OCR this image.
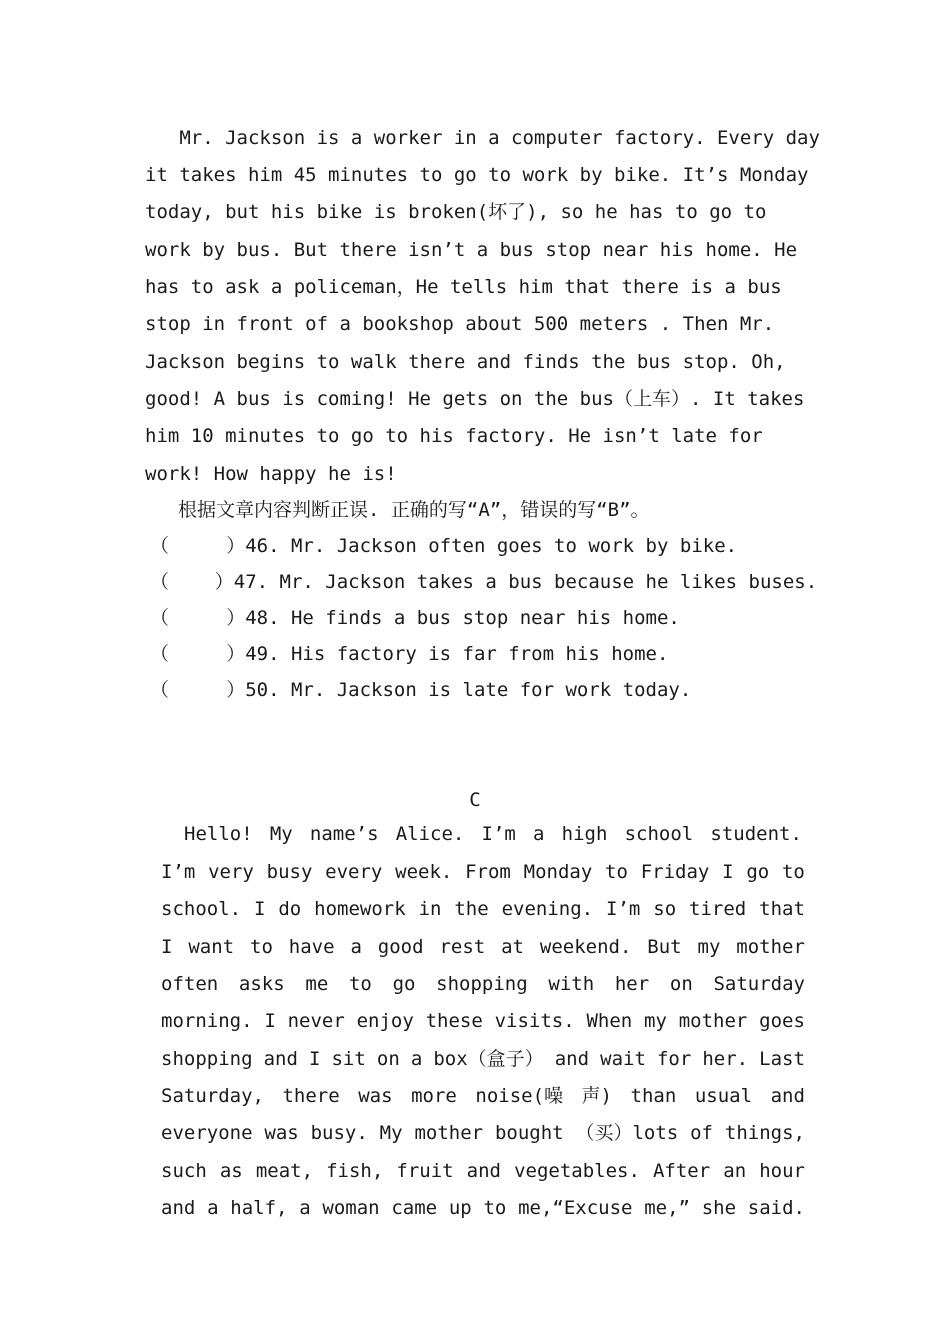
Mr. Jackson is a worker in a computer factory. Every day
it takes him 45 minutes to go to work by bike. It’s Monday
today, but his bike is broken(坏了), so he has to go to
work by bus. But there isn’t a bus stop near his home. He
has to ask a policeman，He tells him that there is a bus
stop in front of a bookshop about 500 meters . Then Mr.
Jackson begins to walk there and finds the bus stop. Oh,
good! A bus is coming! He gets on the bus（上车）. It takes
him 10 minutes to go to his factory. He isn’t late for
work! How happy he is!
根据文章内容判断正误. 正确的写“A”，错误的写“B”。
（     ）46. Mr. Jackson often goes to work by bike.
（    ）47. Mr. Jackson takes a bus because he likes buses.
（     ）48. He finds a bus stop near his home.
（     ）49. His factory is far from his home.
（     ）50. Mr. Jackson is late for work today.
C
Hello! My name’s Alice. I’m a high school student.
I’m very busy every week. From Monday to Friday I go to
school. I do homework in the evening. I’m so tired that
I want to have a good rest at weekend. But my mother
often asks me to go shopping with her on Saturday
morning. I never enjoy these visits. When my mother goes
shopping and I sit on a box（盒子） and wait for her. Last
Saturday, there was more noise(噪 声) than usual and
everyone was busy. My mother bought （买）lots of things,
such as meat, fish, fruit and vegetables. After an hour
and a half, a woman came up to me,“Excuse me,” she said.
